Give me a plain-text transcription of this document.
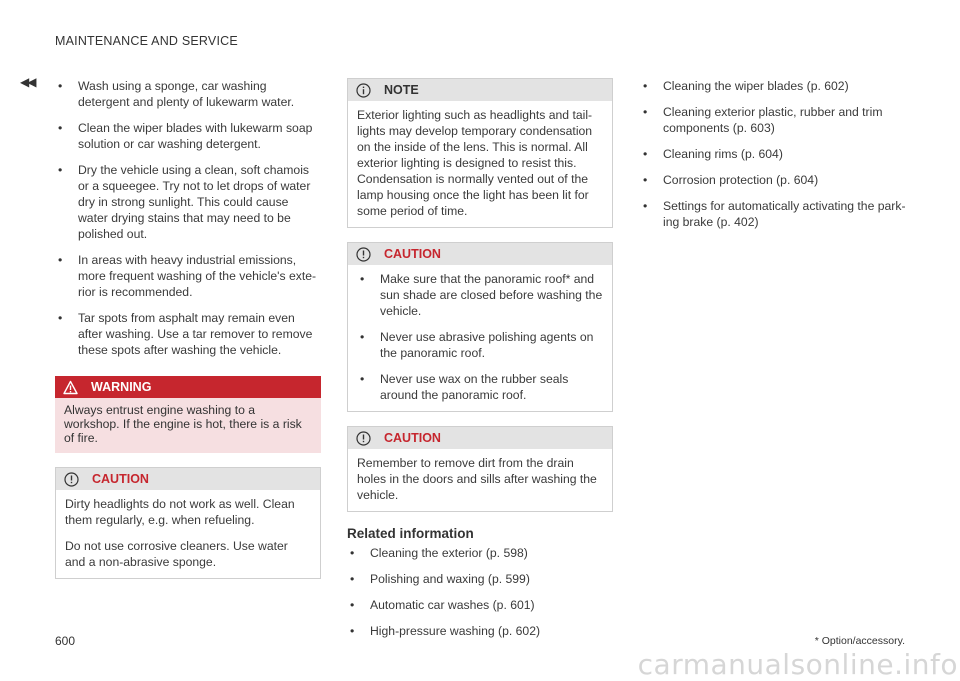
MAINTENANCE AND SERVICE
◀◀
•	Wash using a sponge, car washing detergent and plenty of lukewarm water.
• Clean the wiper blades with lukewarm soap solution or car washing detergent.
• Dry the vehicle using a clean, soft chamois or a squeegee. Try not to let drops of water dry in strong sunlight. This could cause water drying stains that may need to be polished out.
• In areas with heavy industrial emissions, more frequent washing of the vehicle's exte-rior is recommended.
• Tar spots from asphalt may remain even after washing. Use a tar remover to remove these spots after washing the vehicle.
WARNING
Always entrust engine washing to a workshop. If the engine is hot, there is a risk of fire.
CAUTION

Dirty headlights do not work as well. Clean them regularly, e.g. when refueling.

Do not use corrosive cleaners. Use water and a non-abrasive sponge.

NOTE
Exterior lighting such as headlights and tail-lights may develop temporary condensation on the inside of the lens. This is normal. All exterior lighting is designed to resist this. Condensation is normally vented out of the lamp housing once the light has been lit for some period of time.
CAUTION
• Make sure that the panoramic roof* and sun shade are closed before washing the vehicle.
• Never use abrasive polishing agents on the panoramic roof.
• Never use wax on the rubber seals around the panoramic roof.
CAUTION
Remember to remove dirt from the drain holes in the doors and sills after washing the vehicle.
Related information
• Cleaning the exterior (p. 598)
• Polishing and waxing (p. 599)
• Automatic car washes (p. 601)
• High-pressure washing (p. 602)
• Cleaning the wiper blades (p. 602)
• Cleaning exterior plastic, rubber and trim components (p. 603)
• Cleaning rims (p. 604)
• Corrosion protection (p. 604)
• Settings for automatically activating the park-ing brake (p. 402)
600	* Option/accessory.
carmanualsonline.info
